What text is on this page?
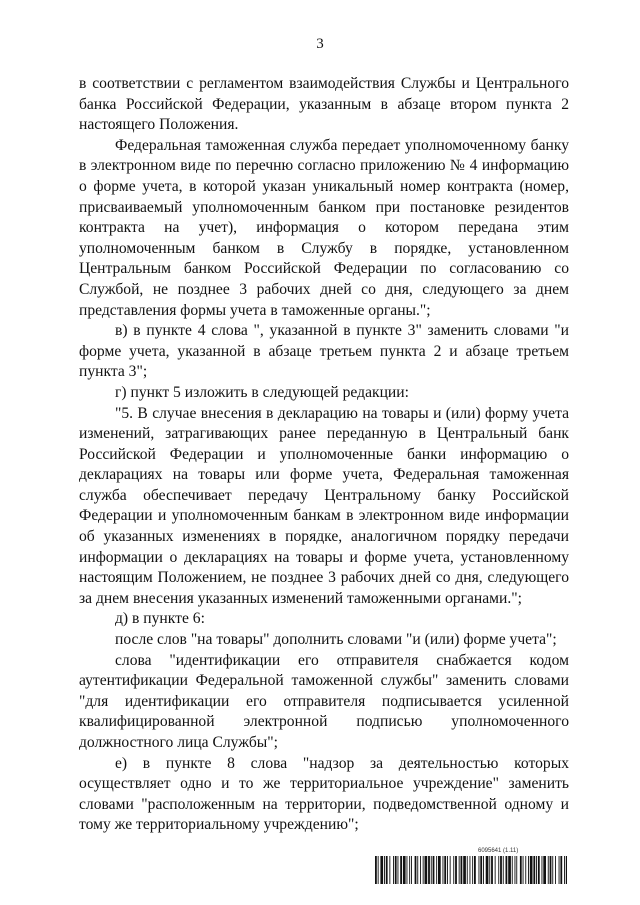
3

в соответствии с регламентом взаимодействия Службы и Центрального банка Российской Федерации, указанным в абзаце втором пункта 2 настоящего Положения.

Федеральная таможенная служба передает уполномоченному банку в электронном виде по перечню согласно приложению № 4 информацию о форме учета, в которой указан уникальный номер контракта (номер, присваиваемый уполномоченным банком при постановке резидентов контракта на учет), информация о котором передана этим уполномоченным банком в Службу в порядке, установленном Центральным банком Российской Федерации по согласованию со Службой, не позднее 3 рабочих дней со дня, следующего за днем представления формы учета в таможенные органы.";

в) в пункте 4 слова ", указанной в пункте 3" заменить словами "и форме учета, указанной в абзаце третьем пункта 2 и абзаце третьем пункта 3";

г) пункт 5 изложить в следующей редакции:

"5. В случае внесения в декларацию на товары и (или) форму учета изменений, затрагивающих ранее переданную в Центральный банк Российской Федерации и уполномоченные банки информацию о декларациях на товары или форме учета, Федеральная таможенная служба обеспечивает передачу Центральному банку Российской Федерации и уполномоченным банкам в электронном виде информации об указанных изменениях в порядке, аналогичном порядку передачи информации о декларациях на товары и форме учета, установленному настоящим Положением, не позднее 3 рабочих дней со дня, следующего за днем внесения указанных изменений таможенными органами.";

д) в пункте 6:

после слов "на товары" дополнить словами "и (или) форме учета";

слова "идентификации его отправителя снабжается кодом аутентификации Федеральной таможенной службы" заменить словами "для идентификации его отправителя подписывается усиленной квалифицированной электронной подписью уполномоченного должностного лица Службы";

е) в пункте 8 слова "надзор за деятельностью которых осуществляет одно и то же территориальное учреждение" заменить словами "расположенным на территории, подведомственной одному и тому же территориальному учреждению";

6095641 (1.11)
